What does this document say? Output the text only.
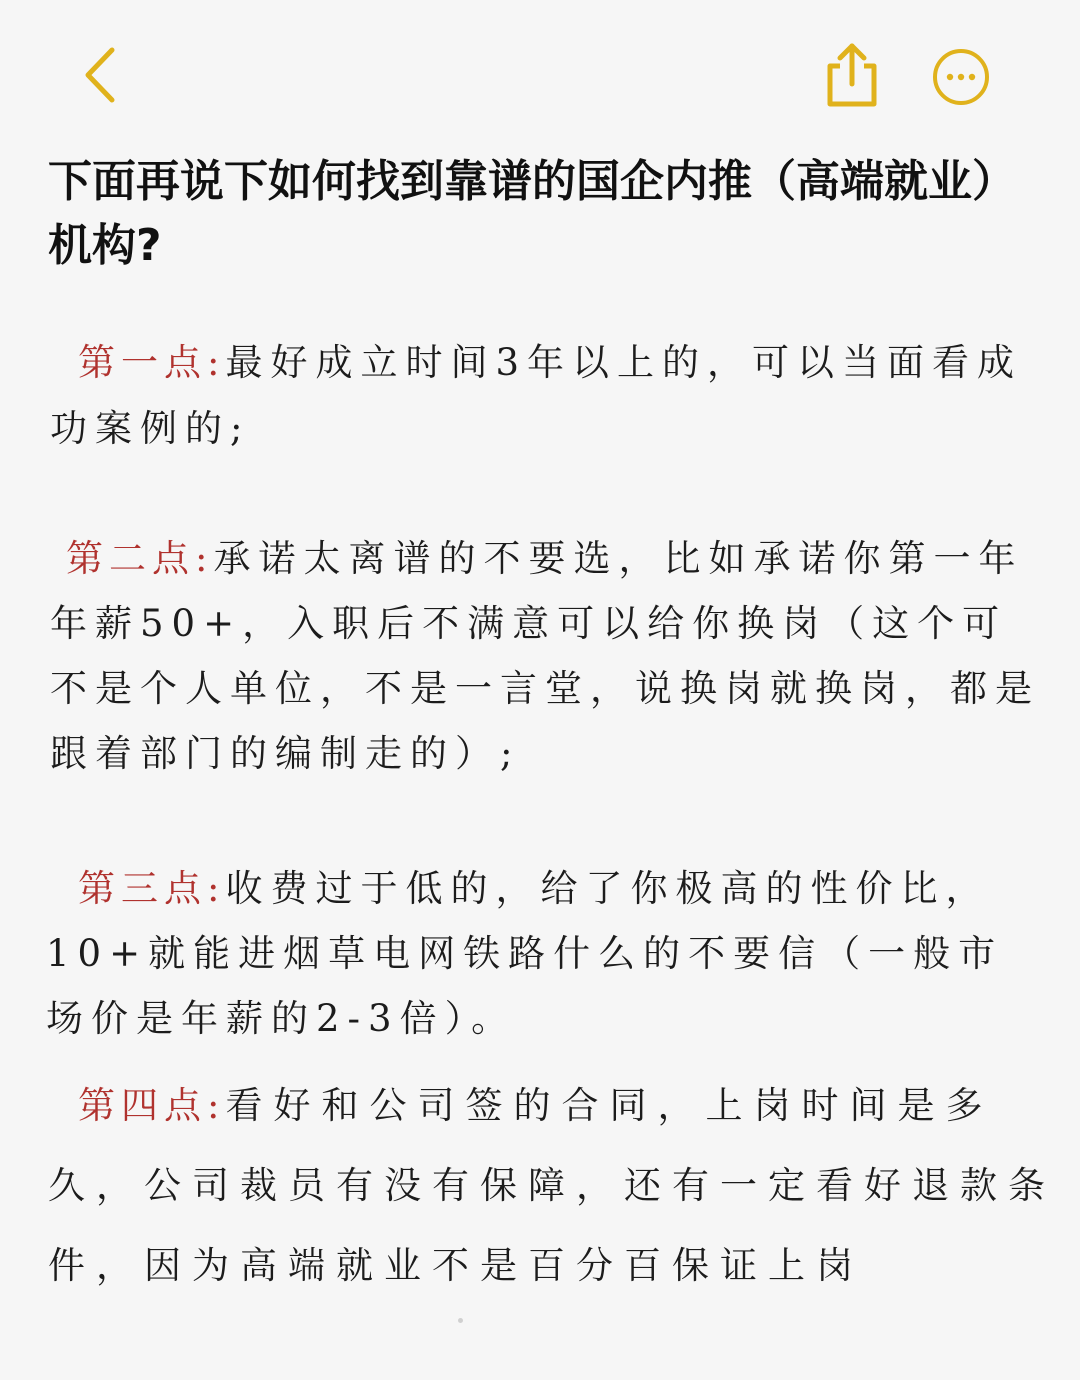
下面再说下如何找到靠谱的国企内推（高端就业）机构?

第一点:最好成立时间3年以上的，可以当面看成功案例的;

第二点:承诺太离谱的不要选，比如承诺你第一年年薪50+，入职后不满意可以给你换岗（这个可不是个人单位，不是一言堂，说换岗就换岗，都是跟着部门的编制走的）;

第三点:收费过于低的，给了你极高的性价比，10+就能进烟草电网铁路什么的不要信（一般市场价是年薪的2-3倍）。

第四点:看好和公司签的合同，上岗时间是多久，公司裁员有没有保障，还有一定看好退款条件，因为高端就业不是百分百保证上岗
